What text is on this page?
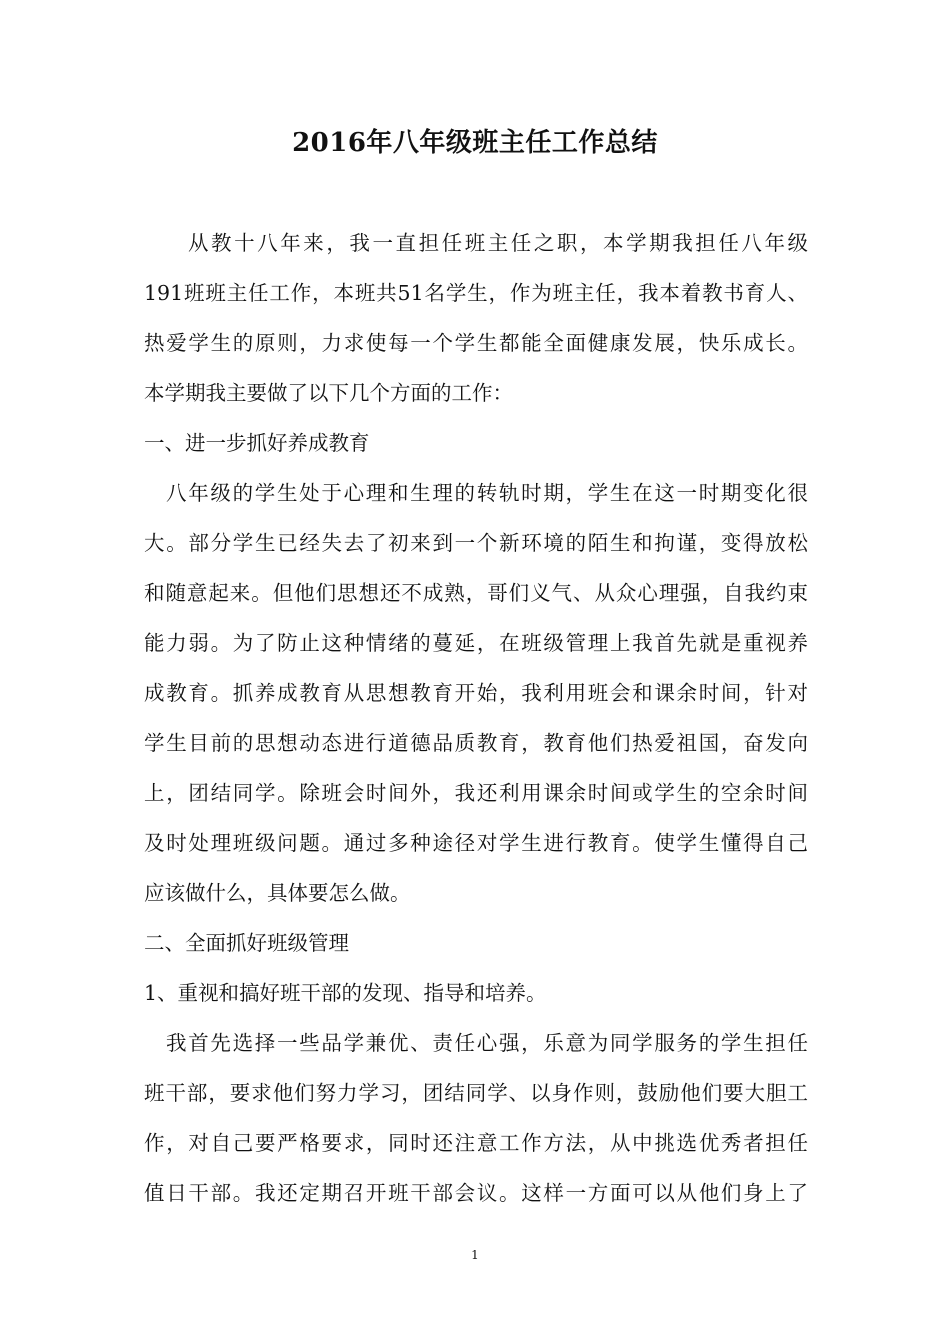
2016年八年级班主任工作总结
从教十八年来，我一直担任班主任之职，本学期我担任八年级
191班班主任工作，本班共51名学生，作为班主任，我本着教书育人、
热爱学生的原则，力求使每一个学生都能全面健康发展，快乐成长。
本学期我主要做了以下几个方面的工作：
一、进一步抓好养成教育
八年级的学生处于心理和生理的转轨时期，学生在这一时期变化很
大。部分学生已经失去了初来到一个新环境的陌生和拘谨，变得放松
和随意起来。但他们思想还不成熟，哥们义气、从众心理强，自我约束
能力弱。为了防止这种情绪的蔓延，在班级管理上我首先就是重视养
成教育。抓养成教育从思想教育开始，我利用班会和课余时间，针对
学生目前的思想动态进行道德品质教育，教育他们热爱祖国，奋发向
上，团结同学。除班会时间外，我还利用课余时间或学生的空余时间
及时处理班级问题。通过多种途径对学生进行教育。使学生懂得自己
应该做什么，具体要怎么做。
二、全面抓好班级管理
1、重视和搞好班干部的发现、指导和培养。
我首先选择一些品学兼优、责任心强，乐意为同学服务的学生担任
班干部，要求他们努力学习，团结同学、以身作则，鼓励他们要大胆工
作，对自己要严格要求，同时还注意工作方法，从中挑选优秀者担任
值日干部。我还定期召开班干部会议。这样一方面可以从他们身上了
1
